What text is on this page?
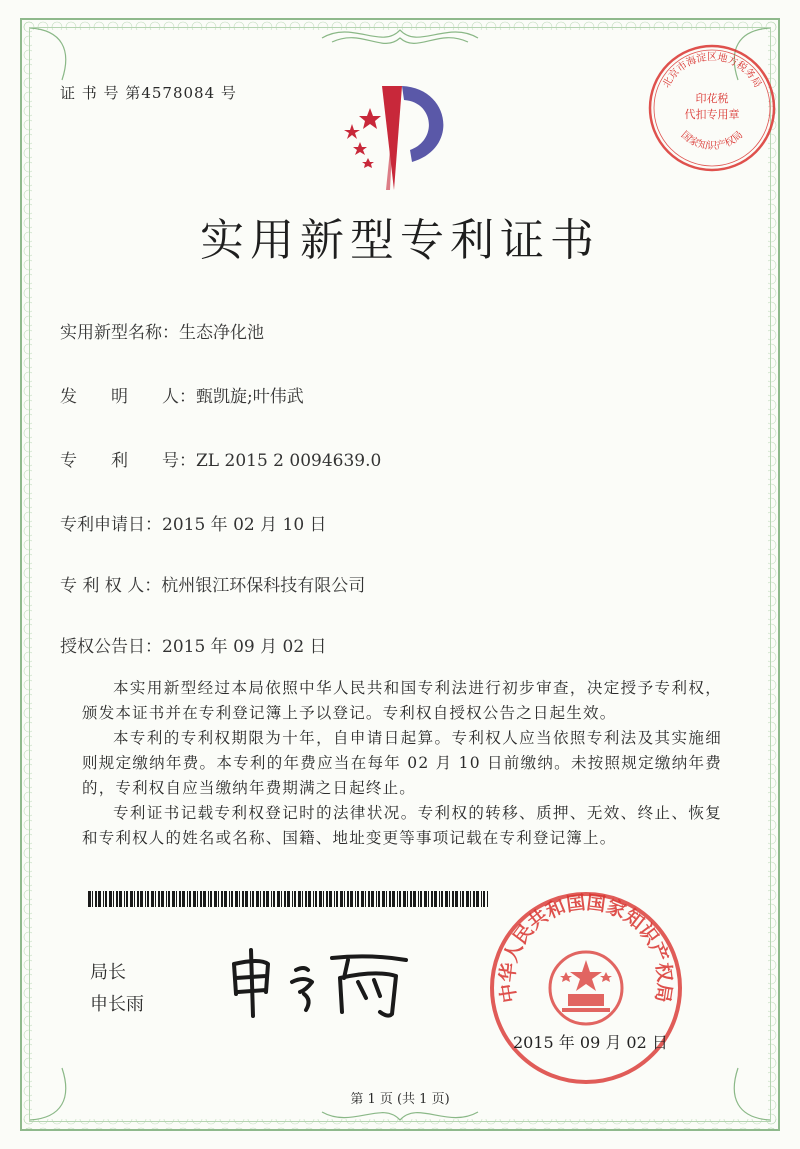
证 书 号 第4578084 号
北京市海淀区地方税务局
印花税
代扣专用章
国家知识产权局
实用新型专利证书
实用新型名称：生态净化池
发　　明　　人：甄凯旋;叶伟武
专　　利　　号：ZL 2015 2 0094639.0
专利申请日：2015 年 02 月 10 日
专 利 权 人：杭州银江环保科技有限公司
授权公告日：2015 年 09 月 02 日

本实用新型经过本局依照中华人民共和国专利法进行初步审查，决定授予专利权，颁发本证书并在专利登记簿上予以登记。专利权自授权公告之日起生效。

本专利的专利权期限为十年，自申请日起算。专利权人应当依照专利法及其实施细则规定缴纳年费。本专利的年费应当在每年 02 月 10 日前缴纳。未按照规定缴纳年费的，专利权自应当缴纳年费期满之日起终止。

专利证书记载专利权登记时的法律状况。专利权的转移、质押、无效、终止、恢复和专利权人的姓名或名称、国籍、地址变更等事项记载在专利登记簿上。

局长
申长雨
中华人民共和国国家知识产权局
2015 年 09 月 02 日
第 1 页 (共 1 页)
